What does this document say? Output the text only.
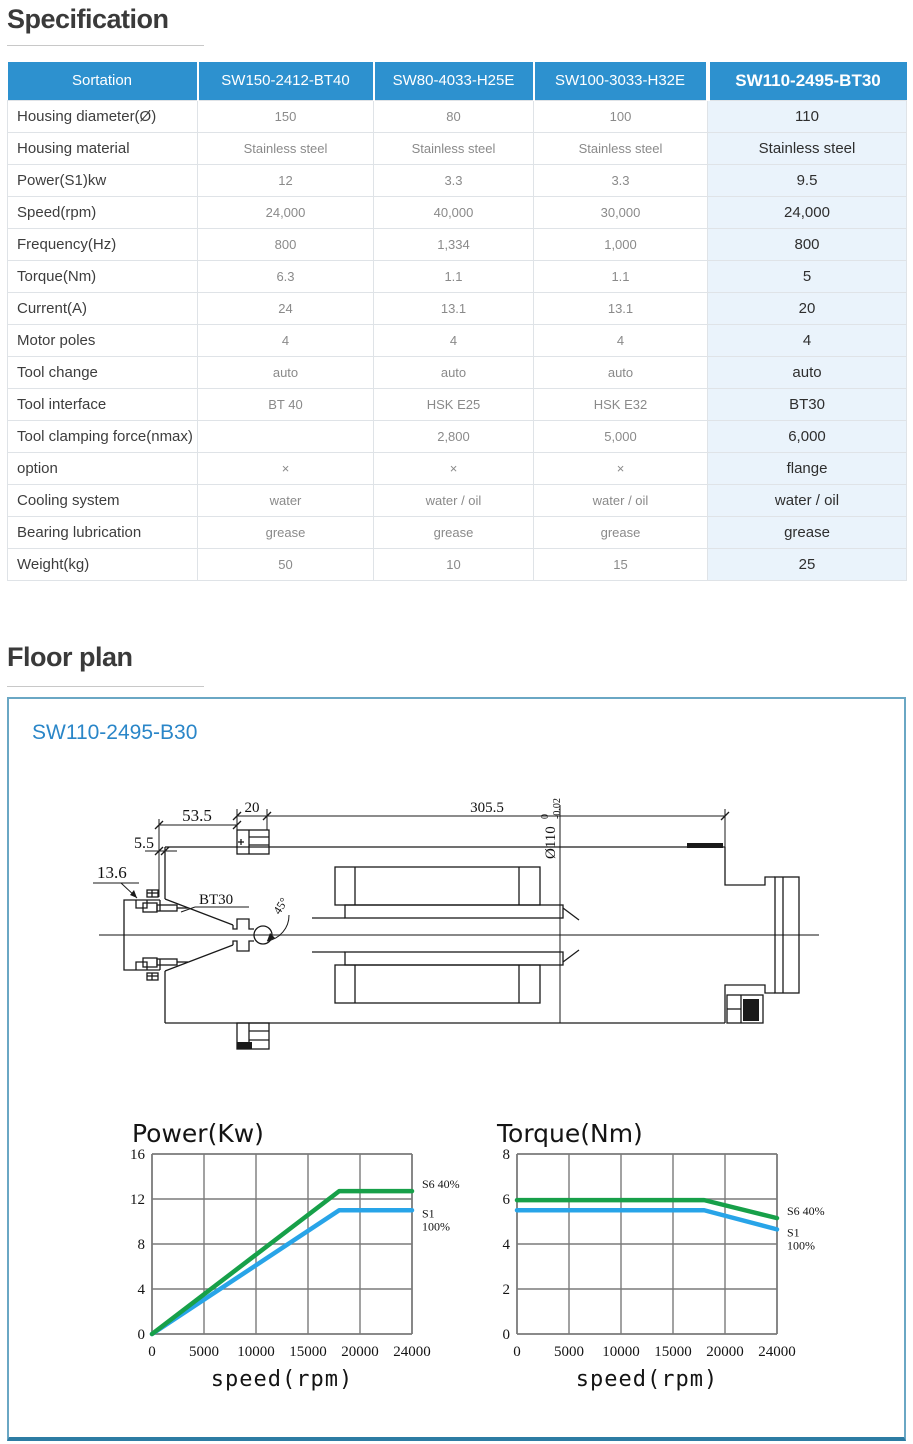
Specification
Sortation	SW150-2412-BT40	SW80-4033-H25E	SW100-3033-H32E	SW110-2495-BT30
Housing diameter(Ø)	150	80	100	110
Housing material	Stainless steel	Stainless steel	Stainless steel	Stainless steel
Power(S1)kw	12	3.3	3.3	9.5
Speed(rpm)	24,000	40,000	30,000	24,000
Frequency(Hz)	800	1,334	1,000	800
Torque(Nm)	6.3	1.1	1.1	5
Current(A)	24	13.1	13.1	20
Motor poles	4	4	4	4
Tool change	auto	auto	auto	auto
Tool interface	BT 40	HSK E25	HSK E32	BT30
Tool clamping force(nmax)		2,800	5,000	6,000
option	×	×	×	flange
Cooling system	water	water / oil	water / oil	water / oil
Bearing lubrication	grease	grease	grease	grease
Weight(kg)	50	10	15	25
Floor plan
SW110-2495-B30
53.5 20
5.5
13.6
305.5
BT30	45°
Ø110
0 -0.02
Power(Kw)
0
4
8
12
16
0 5000 10000 15000 20000 24000
speed(rpm)
S6 40%
S1
100%
Torque(Nm)
0
2
4
6
8
0 5000 10000 15000 20000 24000
speed(rpm)
S6 40%
S1
100%
